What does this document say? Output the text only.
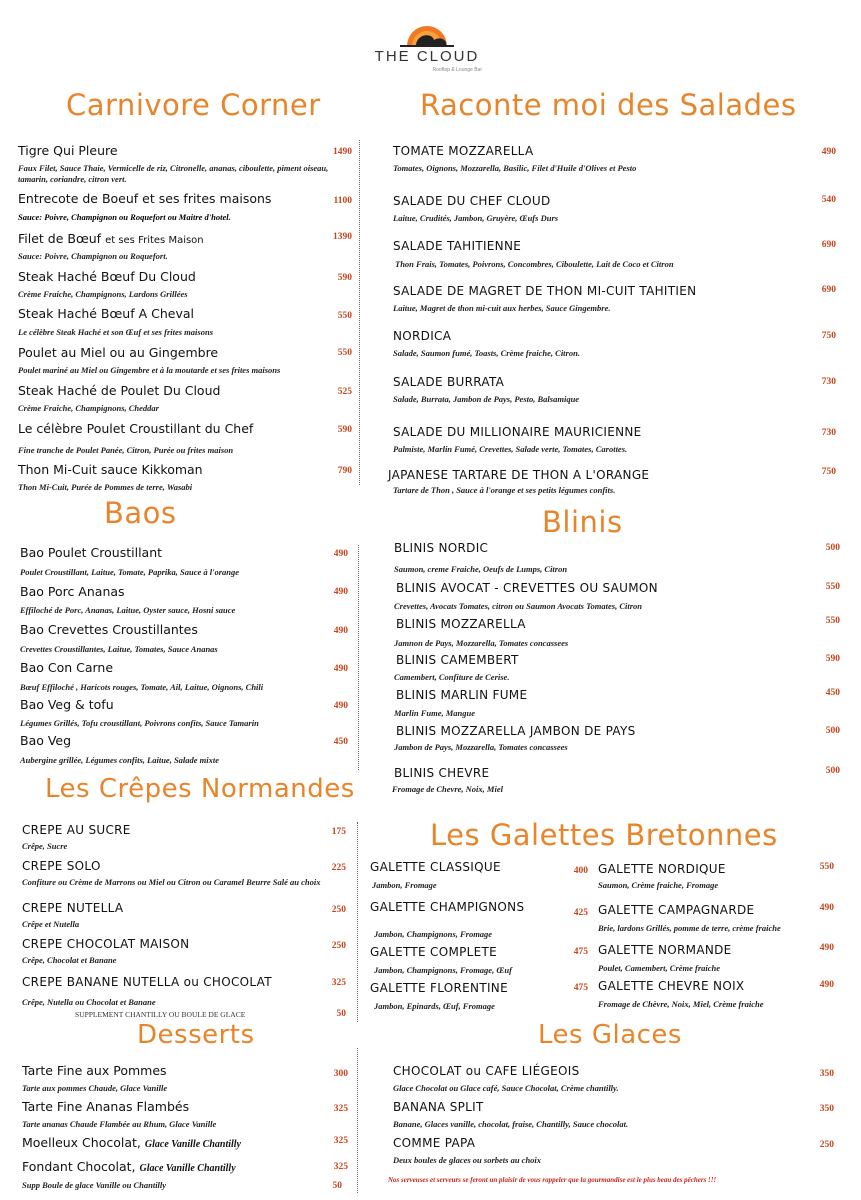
THE CLOUD
Rooftop & Lounge Bar
Carnivore Corner	Raconte moi des Salades
Baos	Blinis
Les Crêpes Normandes
Les Galettes Bretonnes
Desserts	Les Glaces
Tigre Qui Pleure	1490
Faux Filet, Sauce Thaie, Vermicelle de riz, Citronelle, ananas, ciboulette, piment oiseau, tamarin, coriandre, citron vert.
Entrecote de Boeuf et ses frites maisons	1100
Sauce: Poivre, Champignon ou Roquefort ou Maitre d'hotel.
Filet de Bœuf et ses Frites Maison	1390
Sauce: Poivre, Champignon ou Roquefort.
Steak Haché Bœuf Du Cloud	590
Crème Fraiche, Champignons, Lardons Grillées
Steak Haché Bœuf A Cheval	550
Le célèbre Steak Haché et son Œuf et ses frites maisons
Poulet au Miel ou au Gingembre	550
Poulet mariné au Miel ou Gingembre et à la moutarde et ses frites maisons
Steak Haché de Poulet Du Cloud	525
Crème Fraiche, Champignons, Cheddar
Le célèbre Poulet Croustillant du Chef	590
Fine tranche de Poulet Panée, Citron, Purée ou frites maison
Thon Mi-Cuit sauce Kikkoman	790
Thon Mi-Cuit, Purée de Pommes de terre, Wasabi
TOMATE MOZZARELLA	490
Tomates, Oignons, Mozzarella, Basilic, Filet d'Huile d'Olives et Pesto
SALADE DU CHEF CLOUD	540
Laitue, Crudités, Jambon, Gruyère, Œufs Durs
SALADE TAHITIENNE	690
Thon Frais, Tomates, Poivrons, Concombres, Ciboulette, Lait de Coco et Citron
SALADE DE MAGRET DE THON MI-CUIT TAHITIEN	690
Laitue, Magret de thon mi-cuit aux herbes, Sauce Gingembre.
NORDICA	750
Salade, Saumon fumé, Toasts, Crème fraiche, Citron.
SALADE BURRATA	730
Salade, Burrata, Jambon de Pays, Pesto, Balsamique
SALADE DU MILLIONAIRE MAURICIENNE	730
Palmiste, Marlin Fumé, Crevettes, Salade verte, Tomates, Carottes.
JAPANESE TARTARE DE THON A L'ORANGE	750
Tartare de Thon , Sauce à l'orange et ses petits légumes confits.
Bao Poulet Croustillant	490
Poulet Croustillant, Laitue, Tomate, Paprika, Sauce à l'orange
Bao Porc Ananas	490
Effiloché de Porc, Ananas, Laitue, Oyster sauce, Hosni sauce
Bao Crevettes Croustillantes	490
Crevettes Croustillantes, Laitue, Tomates, Sauce Ananas
Bao Con Carne	490
Bœuf Effiloché , Haricots rouges, Tomate, Ail, Laitue, Oignons, Chili
Bao Veg & tofu	490
Légumes Grillés, Tofu croustillant, Poivrons confits, Sauce Tamarin
Bao Veg	450
Aubergine grillée, Légumes confits, Laitue, Salade mixte
BLINIS NORDIC	500
Saumon, creme Fraiche, Oeufs de Lumps, Citron
BLINIS AVOCAT - CREVETTES OU SAUMON	550
Crevettes, Avocats Tomates, citron ou Saumon Avocats Tomates, Citron
BLINIS MOZZARELLA	550
Jamnon de Pays, Mozzarella, Tomates concassees
BLINIS CAMEMBERT	590
Camembert, Confiture de Cerise.
BLINIS MARLIN FUME	450
Marlin Fume, Mangue
BLINIS MOZZARELLA JAMBON DE PAYS	500
Jambon de Pays, Mozzarella, Tomates concassees
BLINIS CHEVRE	500
Fromage de Chevre, Noix, Miel
CREPE AU SUCRE	175
Crêpe, Sucre
CREPE SOLO	225
Confiture ou Crème de Marrons ou Miel ou Citron ou Caramel Beurre Salé au choix
CREPE NUTELLA	250
Crêpe et Nutella
CREPE CHOCOLAT MAISON	250
Crêpe, Chocolat et Banane
CREPE BANANE NUTELLA ou CHOCOLAT	325
Crêpe, Nutella ou Chocolat et Banane
SUPPLEMENT CHANTILLY OU BOULE DE GLACE	50
GALETTE CLASSIQUE	400
Jambon, Fromage
GALETTE CHAMPIGNONS	425
Jambon, Champignons, Fromage
GALETTE COMPLETE	475
Jambon, Champignons, Fromage, Œuf
GALETTE FLORENTINE	475
Jambon, Epinards, Œuf, Fromage
GALETTE NORDIQUE	550
Saumon, Crème fraiche, Fromage
GALETTE CAMPAGNARDE	490
Brie, lardons Grillés, pomme de terre, crème fraiche
GALETTE NORMANDE	490
Poulet, Camembert, Crème fraiche
GALETTE CHEVRE NOIX	490
Fromage de Chèvre, Noix, Miel, Crème fraiche
Tarte Fine aux Pommes	300
Tarte aux pommes Chaude, Glace Vanille
Tarte Fine Ananas Flambés	325
Tarte ananas Chaude Flambée au Rhum, Glace Vanille
Moelleux Chocolat, Glace Vanille Chantilly	325
Fondant Chocolat, Glace Vanille Chantilly	325
Supp Boule de glace Vanille ou Chantilly	50
CHOCOLAT ou CAFE LIÉGEOIS	350
Glace Chocolat ou Glace café, Sauce Chocolat, Crème chantilly.
BANANA SPLIT	350
Banane, Glaces vanille, chocolat, fraise, Chantilly, Sauce chocolat.
COMME PAPA	250
Deux boules de glaces ou sorbets au choix
Nos serveuses et serveurs se feront un plaisir de vous rappeler que la gourmandise est le plus beau des pêchers !!!
